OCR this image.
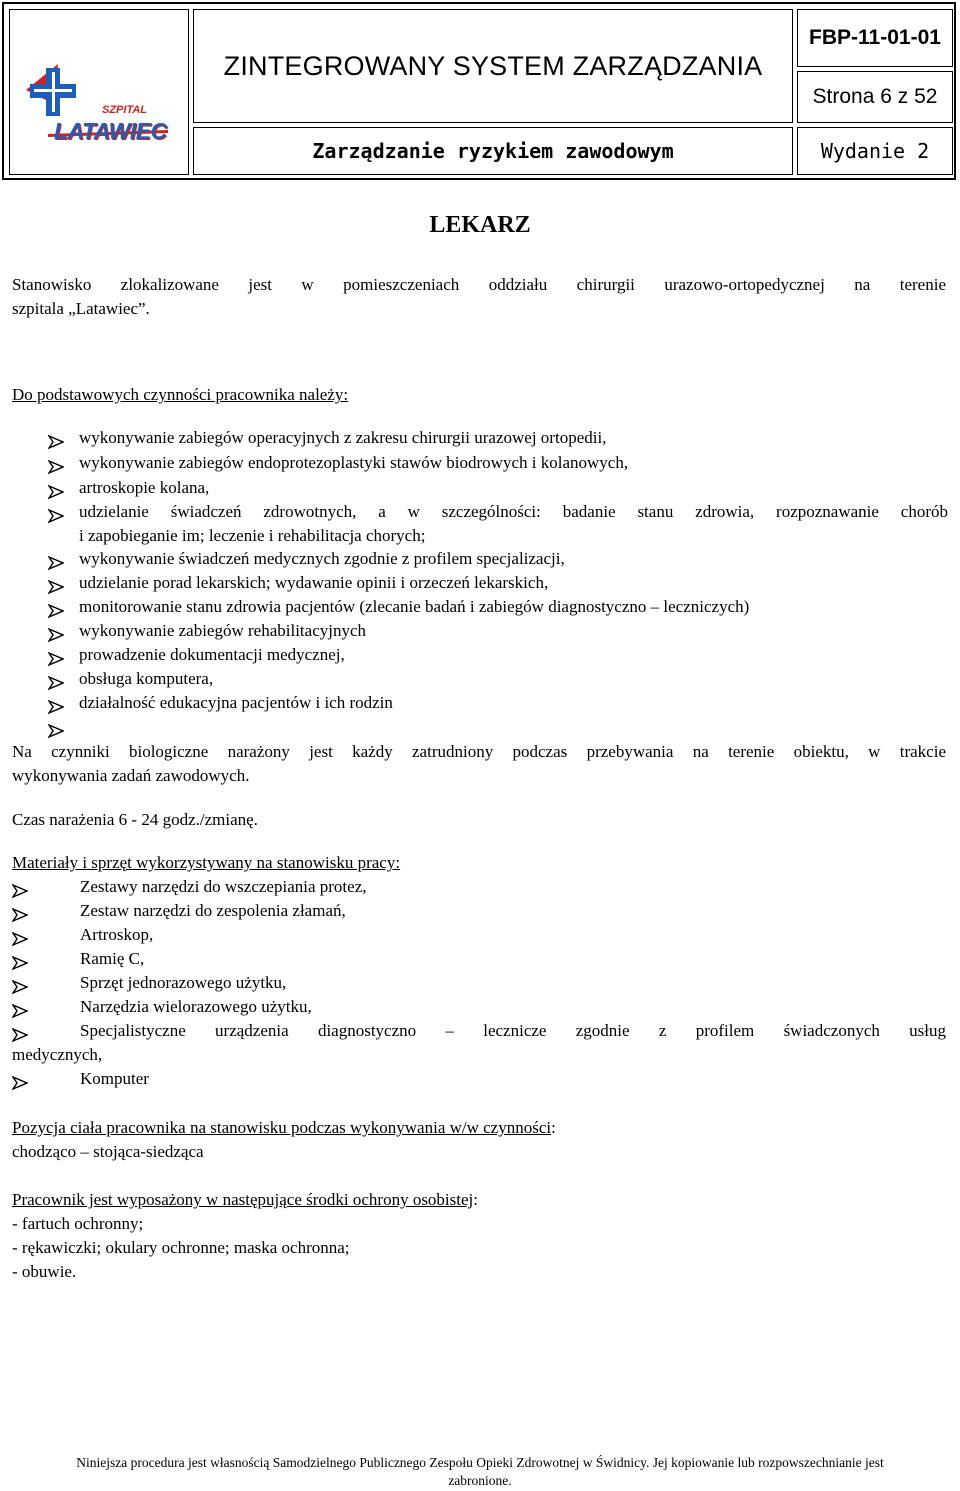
SZPITAL
LATAWIEC
ZINTEGROWANY SYSTEM ZARZĄDZANIA
FBP-11-01-01
Strona 6 z 52
Zarządzanie ryzykiem zawodowym	Wydanie 2
LEKARZ
Stanowisko zlokalizowane jest w pomieszczeniach oddziału chirurgii urazowo-ortopedycznej na terenie
szpitala „Latawiec”.
Do podstawowych czynności pracownika należy:
wykonywanie zabiegów operacyjnych z zakresu chirurgii urazowej ortopedii,
wykonywanie zabiegów endoprotezoplastyki stawów biodrowych i kolanowych,
artroskopie kolana,
udzielanie świadczeń zdrowotnych, a w szczególności: badanie stanu zdrowia, rozpoznawanie chorób
i zapobieganie im; leczenie i rehabilitacja chorych;
wykonywanie świadczeń medycznych zgodnie z profilem specjalizacji,
udzielanie porad lekarskich; wydawanie opinii i orzeczeń lekarskich,
monitorowanie stanu zdrowia pacjentów (zlecanie badań i zabiegów diagnostyczno – leczniczych)
wykonywanie zabiegów rehabilitacyjnych
prowadzenie dokumentacji medycznej,
obsługa komputera,
działalność edukacyjna pacjentów i ich rodzin
Na czynniki biologiczne narażony jest każdy zatrudniony podczas przebywania na terenie obiektu, w trakcie
wykonywania zadań zawodowych.
Czas narażenia 6 - 24 godz./zmianę.
Materiały i sprzęt wykorzystywany na stanowisku pracy:
Zestawy narzędzi do wszczepiania protez,
Zestaw narzędzi do zespolenia złamań,
Artroskop,
Ramię C,
Sprzęt jednorazowego użytku,
Narzędzia wielorazowego użytku,
Specjalistyczne urządzenia diagnostyczno – lecznicze zgodnie z profilem świadczonych usług
medycznych,
Komputer
Pozycja ciała pracownika na stanowisku podczas wykonywania w/w czynności:
chodząco – stojąca-siedząca
Pracownik jest wyposażony w następujące środki ochrony osobistej:
- fartuch ochronny;
- rękawiczki; okulary ochronne; maska ochronna;
- obuwie.
Niniejsza procedura jest własnością Samodzielnego Publicznego Zespołu Opieki Zdrowotnej w Świdnicy. Jej kopiowanie lub rozpowszechnianie jest
zabronione.
